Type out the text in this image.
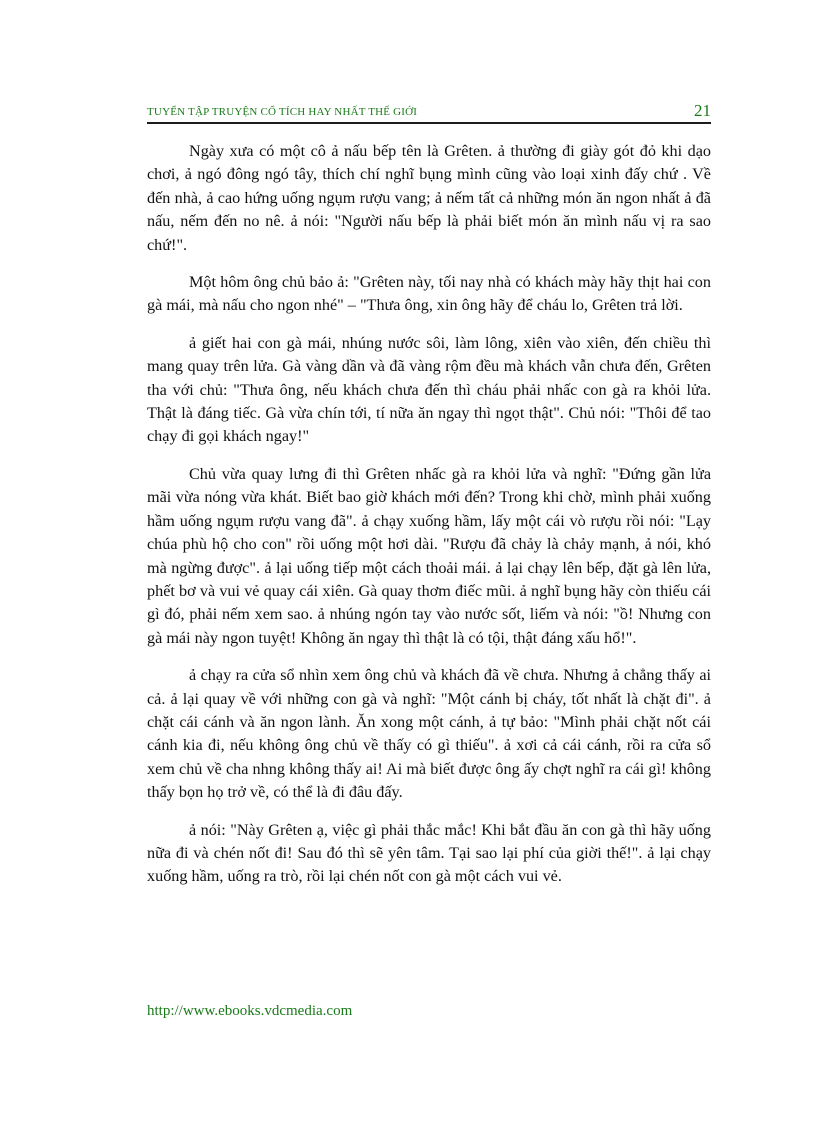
TUYỂN TẬP TRUYỆN CỔ TÍCH HAY NHẤT THẾ GIỚI	21

Ngày xưa có một cô ả nấu bếp tên là Grêten. ả thường đi giày gót đỏ khi dạo chơi, ả ngó đông ngó tây, thích chí nghĩ bụng mình cũng vào loại xinh đấy chứ . Về đến nhà, ả cao hứng uống ngụm rượu vang; ả nếm tất cả những món ăn ngon nhất ả đã nấu, nếm đến no nê. ả nói: "Người nấu bếp là phải biết món ăn mình nấu vị ra sao chứ!".

Một hôm ông chủ bảo ả: "Grêten này, tối nay nhà có khách mày hãy thịt hai con gà mái, mà nấu cho ngon nhé" – "Thưa ông, xin ông hãy để cháu lo, Grêten trả lời.

ả giết hai con gà mái, nhúng nước sôi, làm lông, xiên vào xiên, đến chiều thì mang quay trên lửa. Gà vàng dần và đã vàng rộm đều mà khách vẫn chưa đến, Grêten tha với chủ: "Thưa ông, nếu khách chưa đến thì cháu phải nhấc con gà ra khỏi lửa. Thật là đáng tiếc. Gà vừa chín tới, tí nữa ăn ngay thì ngọt thật". Chủ nói: "Thôi để tao chạy đi gọi khách ngay!"

Chủ vừa quay lưng đi thì Grêten nhấc gà ra khỏi lửa và nghĩ: "Đứng gần lửa mãi vừa nóng vừa khát. Biết bao giờ khách mới đến? Trong khi chờ, mình phải xuống hầm uống ngụm rượu vang đã". ả chạy xuống hầm, lấy một cái vò rượu rồi nói: "Lạy chúa phù hộ cho con" rồi uống một hơi dài. "Rượu đã chảy là chảy mạnh, ả nói, khó mà ngừng được". ả lại uống tiếp một cách thoải mái. ả lại chạy lên bếp, đặt gà lên lửa, phết bơ và vui vẻ quay cái xiên. Gà quay thơm điếc mũi. ả nghĩ bụng hãy còn thiếu cái gì đó, phải nếm xem sao. ả nhúng ngón tay vào nước sốt, liếm và nói: "ồ! Nhưng con gà mái này ngon tuyệt! Không ăn ngay thì thật là có tội, thật đáng xấu hổ!".

ả chạy ra cửa sổ nhìn xem ông chủ và khách đã về chưa. Nhưng ả chẳng thấy ai cả. ả lại quay về với những con gà và nghĩ: "Một cánh bị cháy, tốt nhất là chặt đi". ả chặt cái cánh và ăn ngon lành. Ăn xong một cánh, ả tự bảo: "Mình phải chặt nốt cái cánh kia đi, nếu không ông chủ về thấy có gì thiếu". ả xơi cả cái cánh, rồi ra cửa sổ xem chủ về cha nhng không thấy ai! Ai mà biết được ông ấy chợt nghĩ ra cái gì! không thấy bọn họ trở về, có thể là đi đâu đấy.

ả nói: "Này Grêten ạ, việc gì phải thắc mắc! Khi bắt đầu ăn con gà thì hãy uống nữa đi và chén nốt đi! Sau đó thì sẽ yên tâm. Tại sao lại phí của giời thế!". ả lại chạy xuống hầm, uống ra trò, rồi lại chén nốt con gà một cách vui vẻ.

http://www.ebooks.vdcmedia.com
